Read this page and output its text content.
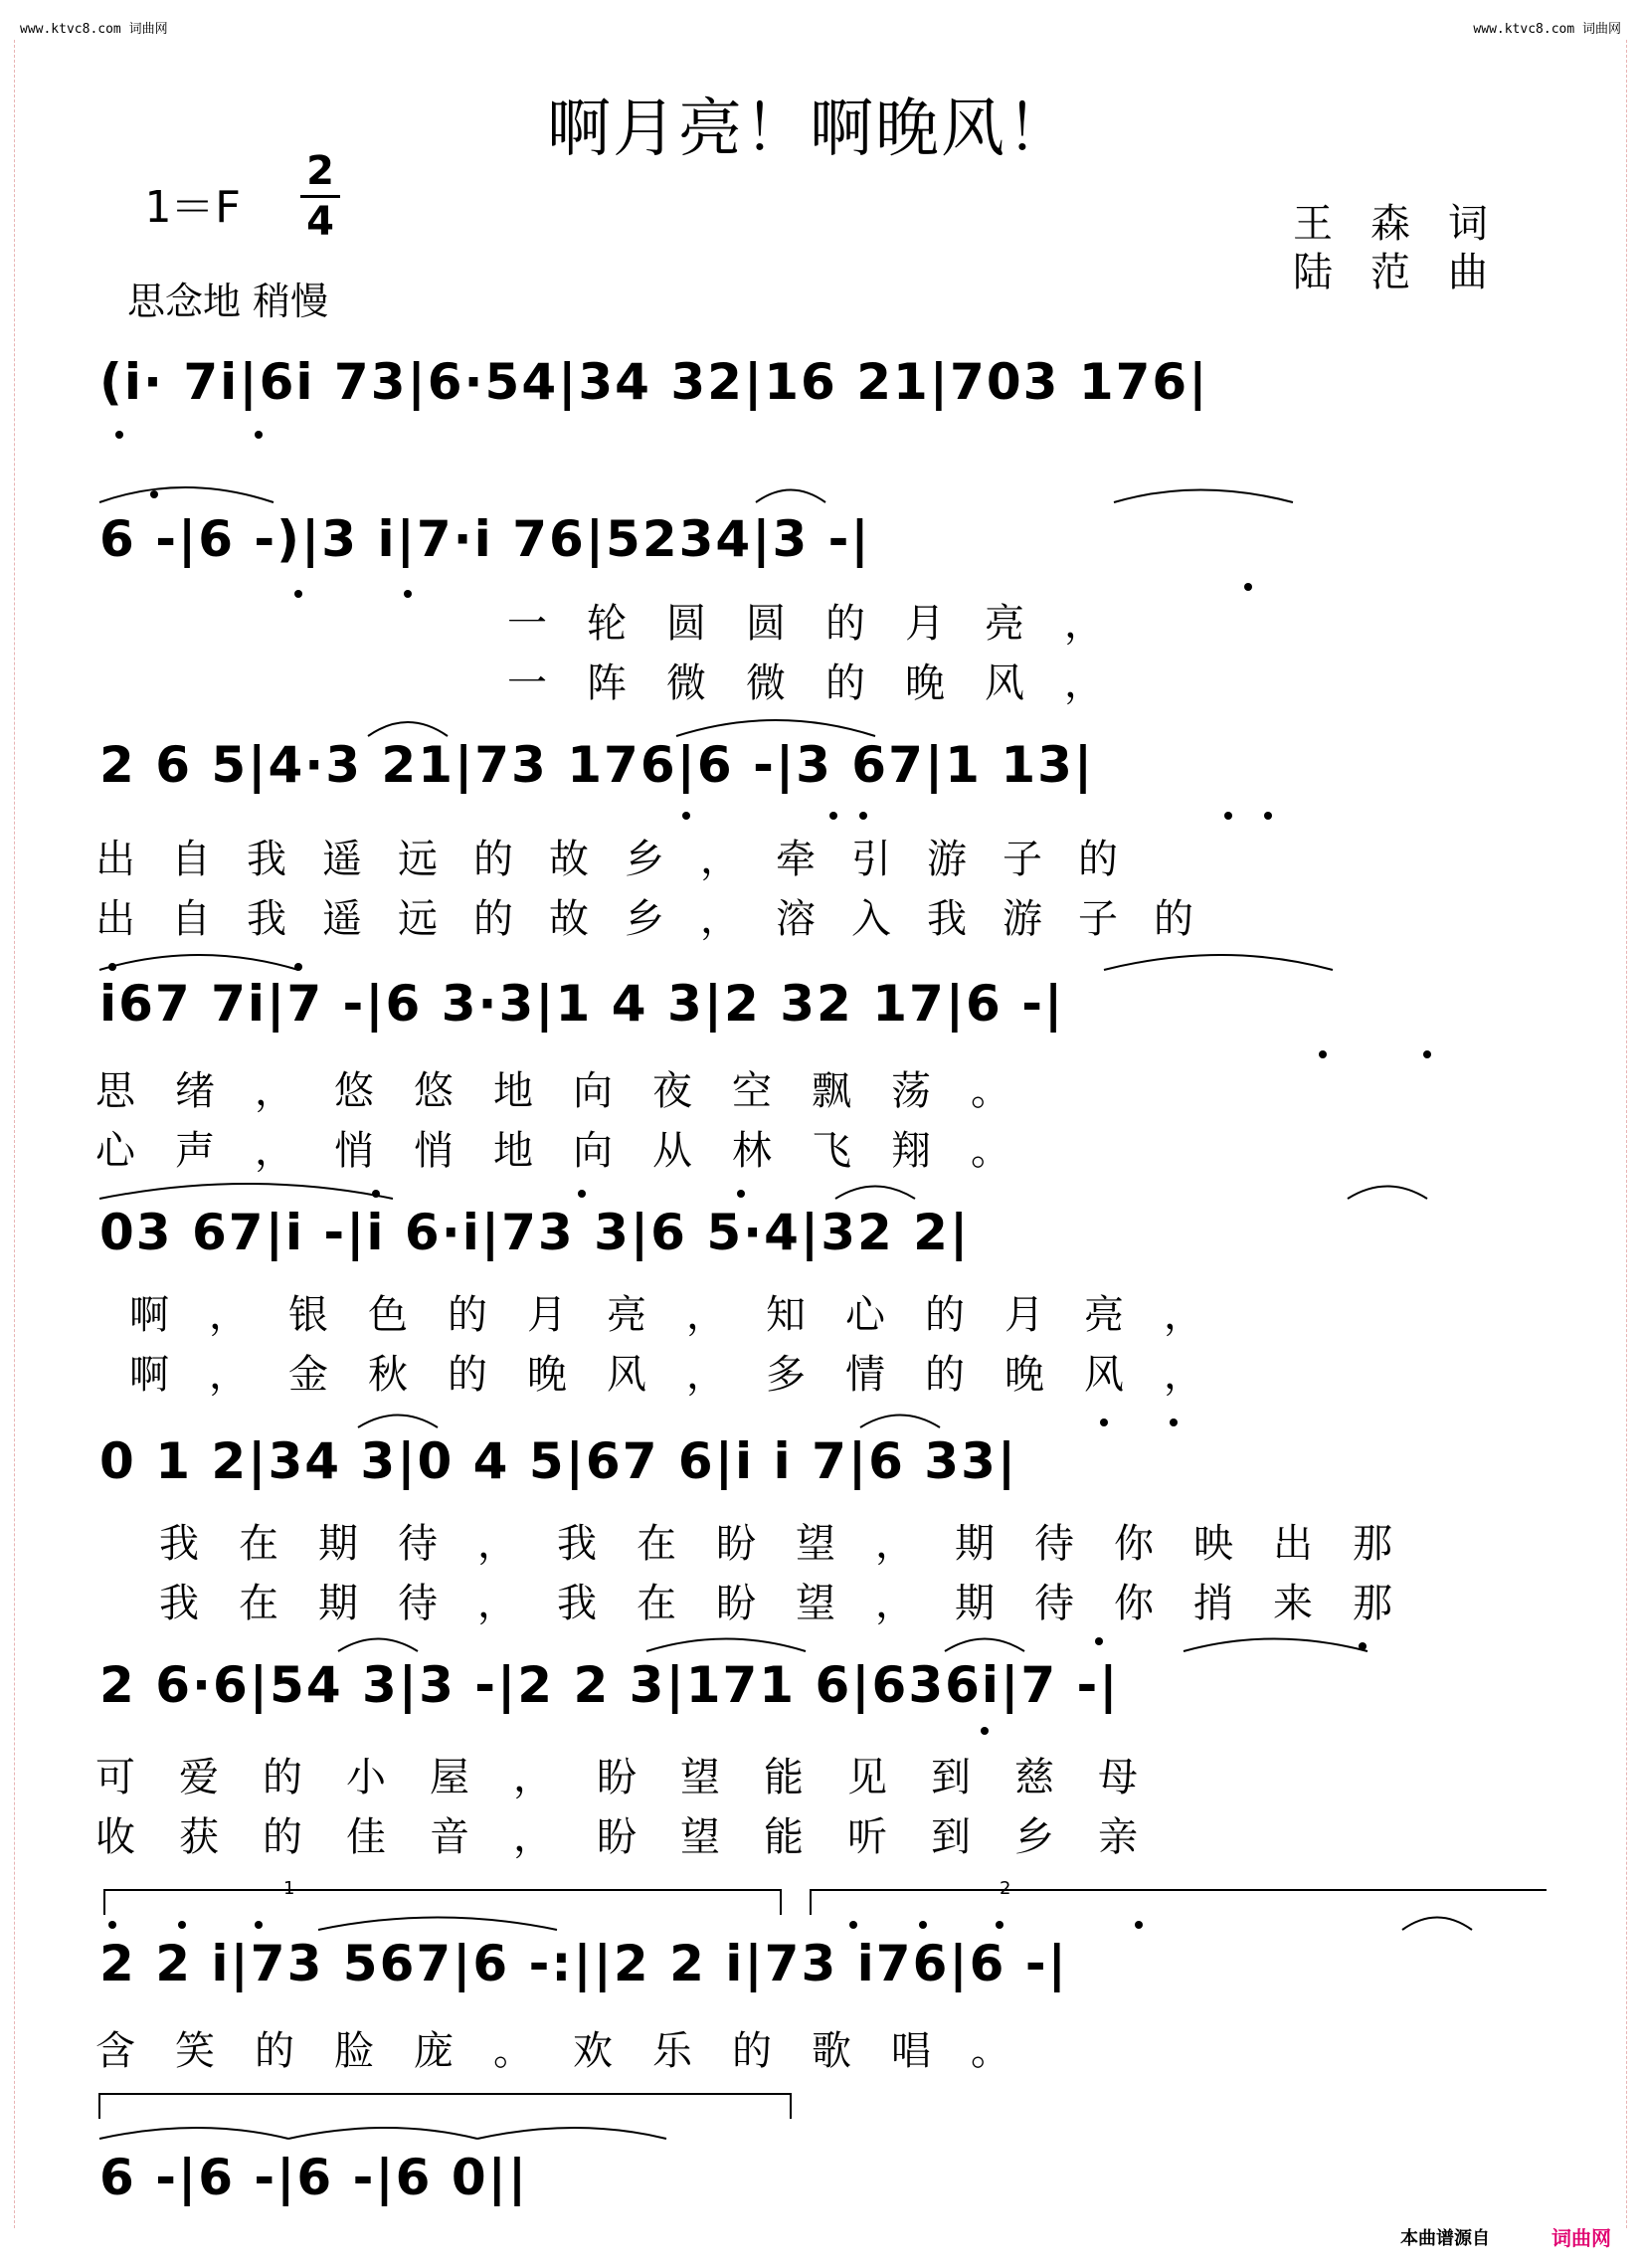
www.ktvc8.com 词曲网	www.ktvc8.com 词曲网
啊月亮！啊晚风！
1＝F
2
4
思念地 稍慢
王森词
陆范曲
(i· 7i|6i 73|6·54|34 32|16 21|703 176|
6 -|6 -)|3 i|7·i 76|5234|3 -|
一轮圆圆的月亮，
一阵微微的晚风，
2 6 5|4·3 21|73 176|6 -|3 67|1 13|
出自我遥远的故乡，牵引游子的
出自我遥远的故乡，溶入我游子的
i67 7i|7 -|6 3·3|1 4 3|2 32 17|6 -|
思绪，悠悠地向夜空飘荡。
心声，悄悄地向从林飞翔。
03 67|i -|i 6·i|73 3|6 5·4|32 2|
啊，银色的月亮，知心的月亮，
啊，金秋的晚风，多情的晚风，
0 1 2|34 3|0 4 5|67 6|i i 7|6 33|
我在期待，我在盼望，期待你映出那
我在期待，我在盼望，期待你捎来那
2 6·6|54 3|3 -|2 2 3|171 6|636i|7 -|
可爱的小屋，盼望能见到慈母
收获的佳音，盼望能听到乡亲
1	2
2 2 i|73 567|6 -:||2 2 i|73 i76|6 -|
含笑的脸庞。欢乐的歌唱。
6 -|6 -|6 -|6 0||
本曲谱源自	词曲网
